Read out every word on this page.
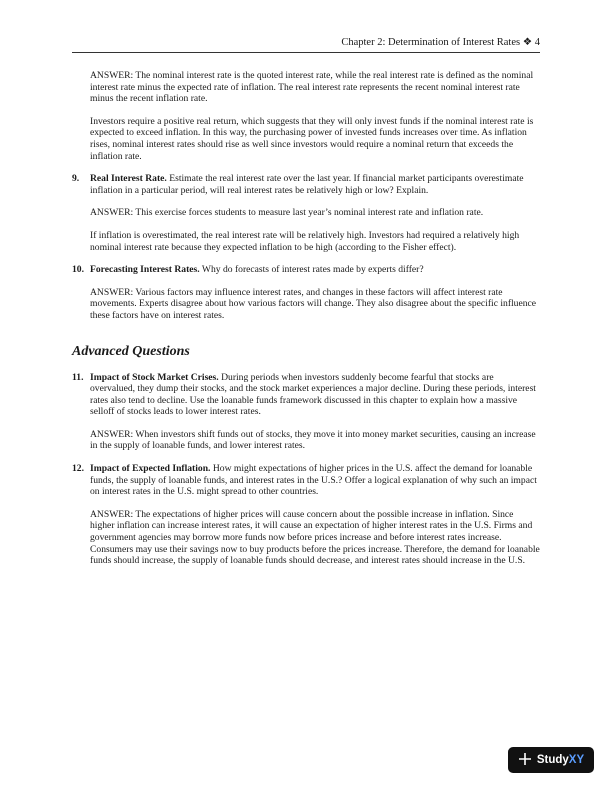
Chapter 2: Determination of Interest Rates ❖ 4

ANSWER: The nominal interest rate is the quoted interest rate, while the real interest rate is defined as the nominal interest rate minus the expected rate of inflation. The real interest rate represents the recent nominal interest rate minus the recent inflation rate.

Investors require a positive real return, which suggests that they will only invest funds if the nominal interest rate is expected to exceed inflation. In this way, the purchasing power of invested funds increases over time. As inflation rises, nominal interest rates should rise as well since investors would require a nominal return that exceeds the inflation rate.

9. Real Interest Rate. Estimate the real interest rate over the last year. If financial market participants overestimate inflation in a particular period, will real interest rates be relatively high or low? Explain.

ANSWER: This exercise forces students to measure last year’s nominal interest rate and inflation rate.

If inflation is overestimated, the real interest rate will be relatively high. Investors had required a relatively high nominal interest rate because they expected inflation to be high (according to the Fisher effect).

10. Forecasting Interest Rates. Why do forecasts of interest rates made by experts differ?

ANSWER: Various factors may influence interest rates, and changes in these factors will affect interest rate movements. Experts disagree about how various factors will change. They also disagree about the specific influence these factors have on interest rates.

Advanced Questions
11. Impact of Stock Market Crises. During periods when investors suddenly become fearful that stocks are overvalued, they dump their stocks, and the stock market experiences a major decline. During these periods, interest rates also tend to decline. Use the loanable funds framework discussed in this chapter to explain how a massive selloff of stocks leads to lower interest rates.

ANSWER: When investors shift funds out of stocks, they move it into money market securities, causing an increase in the supply of loanable funds, and lower interest rates.

12. Impact of Expected Inflation. How might expectations of higher prices in the U.S. affect the demand for loanable funds, the supply of loanable funds, and interest rates in the U.S.? Offer a logical explanation of why such an impact on interest rates in the U.S. might spread to other countries.

ANSWER: The expectations of higher prices will cause concern about the possible increase in inflation. Since higher inflation can increase interest rates, it will cause an expectation of higher interest rates in the U.S. Firms and government agencies may borrow more funds now before prices increase and before interest rates increase. Consumers may use their savings now to buy products before the prices increase. Therefore, the demand for loanable funds should increase, the supply of loanable funds should decrease, and interest rates should increase in the U.S.

StudyXY
